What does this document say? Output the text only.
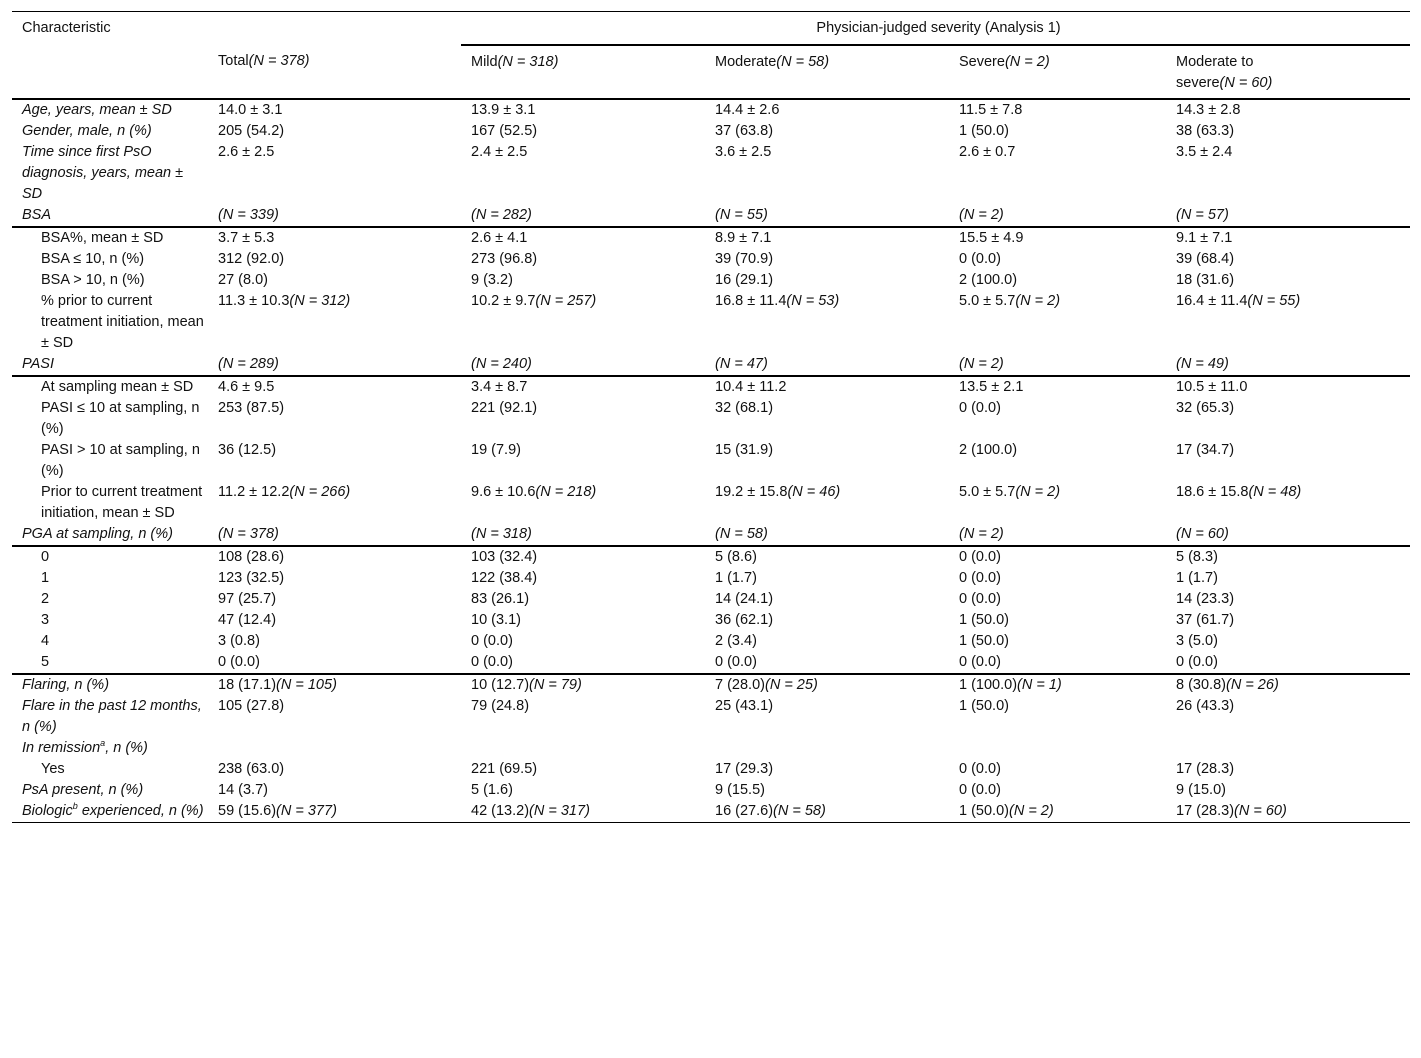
Characteristic		Physician-judged severity (Analysis 1)			
	Total(N = 378)	Mild(N = 318)	Moderate(N = 58)	Severe(N = 2)	Moderate to
severe(N = 60)
Age, years, mean ± SD	14.0 ± 3.1	13.9 ± 3.1	14.4 ± 2.6	11.5 ± 7.8	14.3 ± 2.8
Gender, male, n (%)	205 (54.2)	167 (52.5)	37 (63.8)	1 (50.0)	38 (63.3)
Time since first PsO diagnosis, years, mean ± SD	2.6 ± 2.5	2.4 ± 2.5	3.6 ± 2.5	2.6 ± 0.7	3.5 ± 2.4
BSA	(N = 339)	(N = 282)	(N = 55)	(N = 2)	(N = 57)
BSA%, mean ± SD	3.7 ± 5.3	2.6 ± 4.1	8.9 ± 7.1	15.5 ± 4.9	9.1 ± 7.1
BSA ≤ 10, n (%)	312 (92.0)	273 (96.8)	39 (70.9)	0 (0.0)	39 (68.4)
BSA > 10, n (%)	27 (8.0)	9 (3.2)	16 (29.1)	2 (100.0)	18 (31.6)
% prior to current treatment initiation, mean ± SD	11.3 ± 10.3(N = 312)	10.2 ± 9.7(N = 257)	16.8 ± 11.4(N = 53)	5.0 ± 5.7(N = 2)	16.4 ± 11.4(N = 55)
PASI	(N = 289)	(N = 240)	(N = 47)	(N = 2)	(N = 49)
At sampling mean ± SD	4.6 ± 9.5	3.4 ± 8.7	10.4 ± 11.2	13.5 ± 2.1	10.5 ± 11.0
PASI ≤ 10 at sampling, n (%)	253 (87.5)	221 (92.1)	32 (68.1)	0 (0.0)	32 (65.3)
PASI > 10 at sampling, n (%)	36 (12.5)	19 (7.9)	15 (31.9)	2 (100.0)	17 (34.7)
Prior to current treatment initiation, mean ± SD	11.2 ± 12.2(N = 266)	9.6 ± 10.6(N = 218)	19.2 ± 15.8(N = 46)	5.0 ± 5.7(N = 2)	18.6 ± 15.8(N = 48)
PGA at sampling, n (%)	(N = 378)	(N = 318)	(N = 58)	(N = 2)	(N = 60)
0	108 (28.6)	103 (32.4)	5 (8.6)	0 (0.0)	5 (8.3)
1	123 (32.5)	122 (38.4)	1 (1.7)	0 (0.0)	1 (1.7)
2	97 (25.7)	83 (26.1)	14 (24.1)	0 (0.0)	14 (23.3)
3	47 (12.4)	10 (3.1)	36 (62.1)	1 (50.0)	37 (61.7)
4	3 (0.8)	0 (0.0)	2 (3.4)	1 (50.0)	3 (5.0)
5	0 (0.0)	0 (0.0)	0 (0.0)	0 (0.0)	0 (0.0)
Flaring, n (%)	18 (17.1)(N = 105)	10 (12.7)(N = 79)	7 (28.0)(N = 25)	1 (100.0)(N = 1)	8 (30.8)(N = 26)
Flare in the past 12 months, n (%)	105 (27.8)	79 (24.8)	25 (43.1)	1 (50.0)	26 (43.3)
In remission$^a$, n (%)					
Yes	238 (63.0)	221 (69.5)	17 (29.3)	0 (0.0)	17 (28.3)
PsA present, n (%)	14 (3.7)	5 (1.6)	9 (15.5)	0 (0.0)	9 (15.0)
Biologic$^b$ experienced, n (%)	59 (15.6)(N = 377)	42 (13.2)(N = 317)	16 (27.6)(N = 58)	1 (50.0)(N = 2)	17 (28.3)(N = 60)
